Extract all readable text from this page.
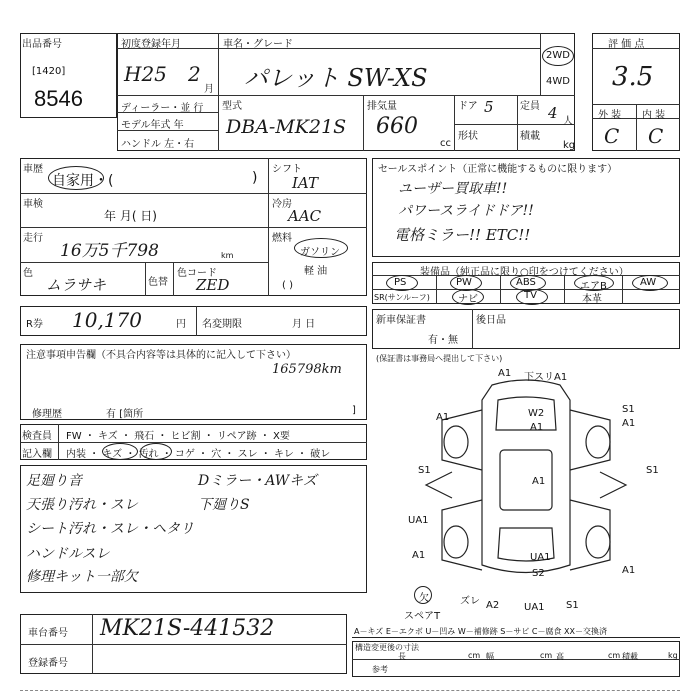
出品番号
[1420]
8546
初度登録年月
H25 2
月
車名・グレード
パレット SW-XS
2WD
4WD
ディーラー・並 行
モデル年式 年
ハンドル 左・右
型式
DBA-MK21S
排気量
660
cc
ドア 5	定員 4 人
形状	積載
kg
評 価 点
3.5
外 装 内 装
C C
車歴
自家用・(	)
車検
年 月( 日)
走行
16万5千798	km
色
ムラサキ	色替
色コード
ZED
シフト
IAT
冷房
AAC
燃料
ガソリン
軽 油
( )
セールスポイント（正常に機能するものに限ります）
ユーザー買取車!!
パワースライドドア!!
電格ミラー!! ETC!!
装備品（純正品に限り○印をつけてください）
PS	PW	ABS	エアB	AW
SR(サンルーフ)	ナビ	TV	本革
R券 10,170	円 名変期限	月 日	新車保証書
有・無
後日品
(保証書は事務局へ提出して下さい)
注意事項申告欄（不具合内容等は具体的に記入して下さい）
165798km
修理歴	有 [箇所	]
検査員 FW ・ キズ ・ 飛石 ・ ヒビ割 ・ リペア跡 ・ X要
記入欄 内装 ・ キズ ・ 汚れ ・ コゲ ・ 穴 ・ スレ ・ キレ ・ 破レ
足廻り音
天張り汚れ・スレ
シート汚れ・スレ・ヘタリ
ハンドルスレ
修理キット一部欠
Dミラー・AWキズ
下廻りS
A1 下スリA1
W2
A1
S1
A1
A1
S1
A1
S1
UA1
UA1
S2	A1
A1
ズレ A2 UA1 S1
スペアT
欠
A－キズ E－エクボ U－凹み W－補修跡 S－サビ C－腐食 XX－交換済
車台番号 MK21S-441532
登録番号
構造変更後の寸法
長	cm 幅	cm 高	cm 積載	kg
参考
